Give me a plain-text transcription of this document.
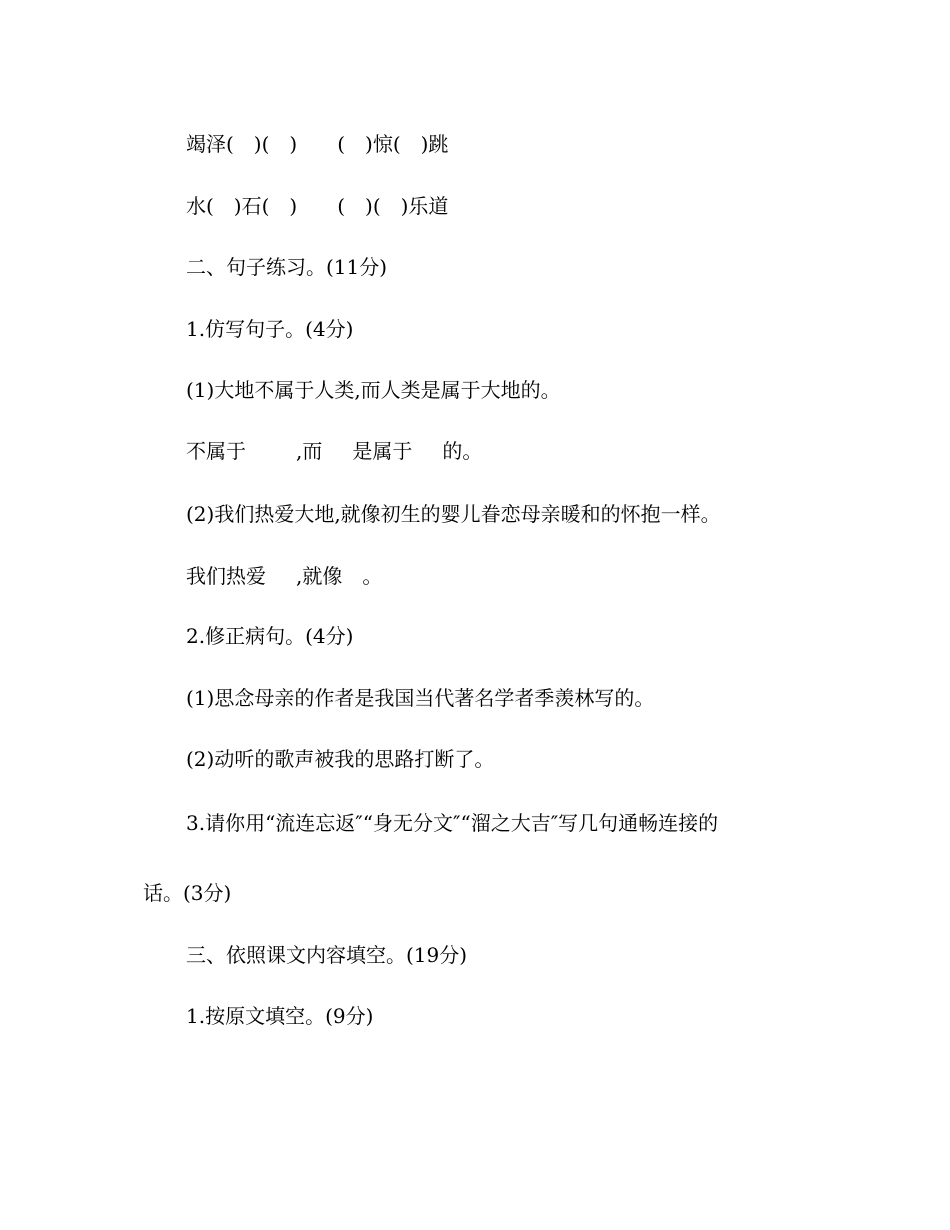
竭泽(  )(  )  (  )惊(  )跳
水(  )石(  )  (  )(  )乐道
二、句子练习。(11分)
1.仿写句子。(4分)
(1)大地不属于人类,而人类是属于大地的。
不属于   ,而  是属于  的。
(2)我们热爱大地,就像初生的婴儿眷恋母亲暖和的怀抱一样。
我们热爱  ,就像  。
2.修正病句。(4分)
(1)思念母亲的作者是我国当代著名学者季羡林写的。
(2)动听的歌声被我的思路打断了。
3.请你用“流连忘返″“身无分文″“溜之大吉″写几句通畅连接的
话。(3分)
三、依照课文内容填空。(19分)
1.按原文填空。(9分)
